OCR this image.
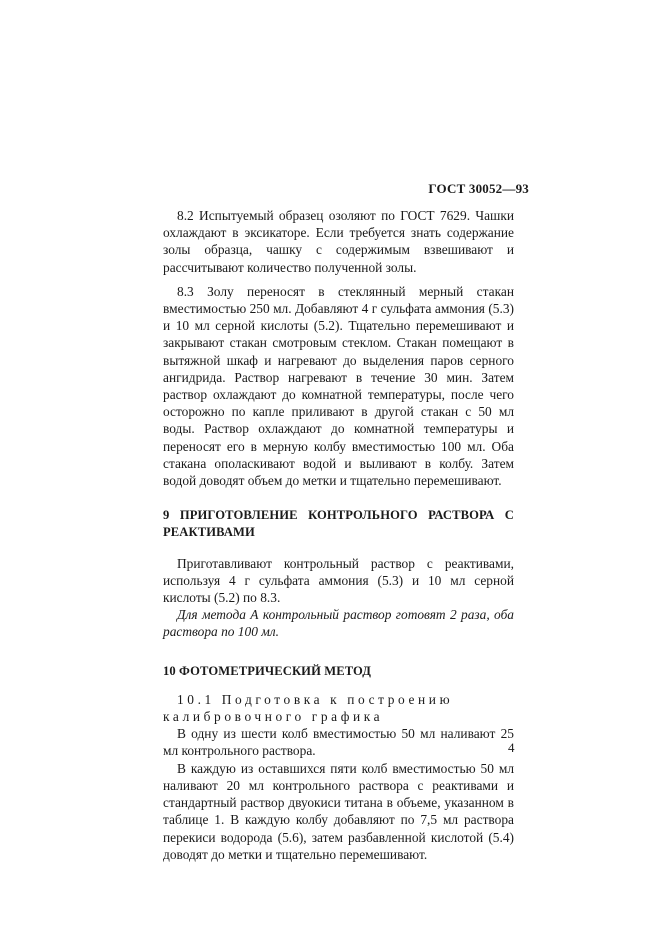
ГОСТ 30052—93

8.2 Испытуемый образец озоляют по ГОСТ 7629. Чашки охлаждают в эксикаторе. Если требуется знать содержание золы образца, чашку с содержимым взвешивают и рассчитывают количество полученной золы.

8.3 Золу переносят в стеклянный мерный стакан вместимостью 250 мл. Добавляют 4 г сульфата аммония (5.3) и 10 мл серной кислоты (5.2). Тщательно перемешивают и закрывают стакан смотровым стеклом. Стакан помещают в вытяжной шкаф и нагревают до выделения паров серного ангидрида. Раствор нагревают в течение 30 мин. Затем раствор охлаждают до комнатной температуры, после чего осторожно по капле приливают в другой стакан с 50 мл воды. Раствор охлаждают до комнатной температуры и переносят его в мерную колбу вместимостью 100 мл. Оба стакана ополаскивают водой и выливают в колбу. Затем водой доводят объем до метки и тщательно перемешивают.

9 ПРИГОТОВЛЕНИЕ КОНТРОЛЬНОГО РАСТВОРА С РЕАКТИВАМИ

Приготавливают контрольный раствор с реактивами, используя 4 г сульфата аммония (5.3) и 10 мл серной кислоты (5.2) по 8.3.

Для метода А контрольный раствор готовят 2 раза, оба раствора по 100 мл.

10 ФОТОМЕТРИЧЕСКИЙ МЕТОД

10.1 Подготовка к построению калибровочного графика

В одну из шести колб вместимостью 50 мл наливают 25 мл контрольного раствора.

В каждую из оставшихся пяти колб вместимостью 50 мл наливают 20 мл контрольного раствора с реактивами и стандартный раствор двуокиси титана в объеме, указанном в таблице 1. В каждую колбу добавляют по 7,5 мл раствора перекиси водорода (5.6), затем разбавленной кислотой (5.4) доводят до метки и тщательно перемешивают.

4
